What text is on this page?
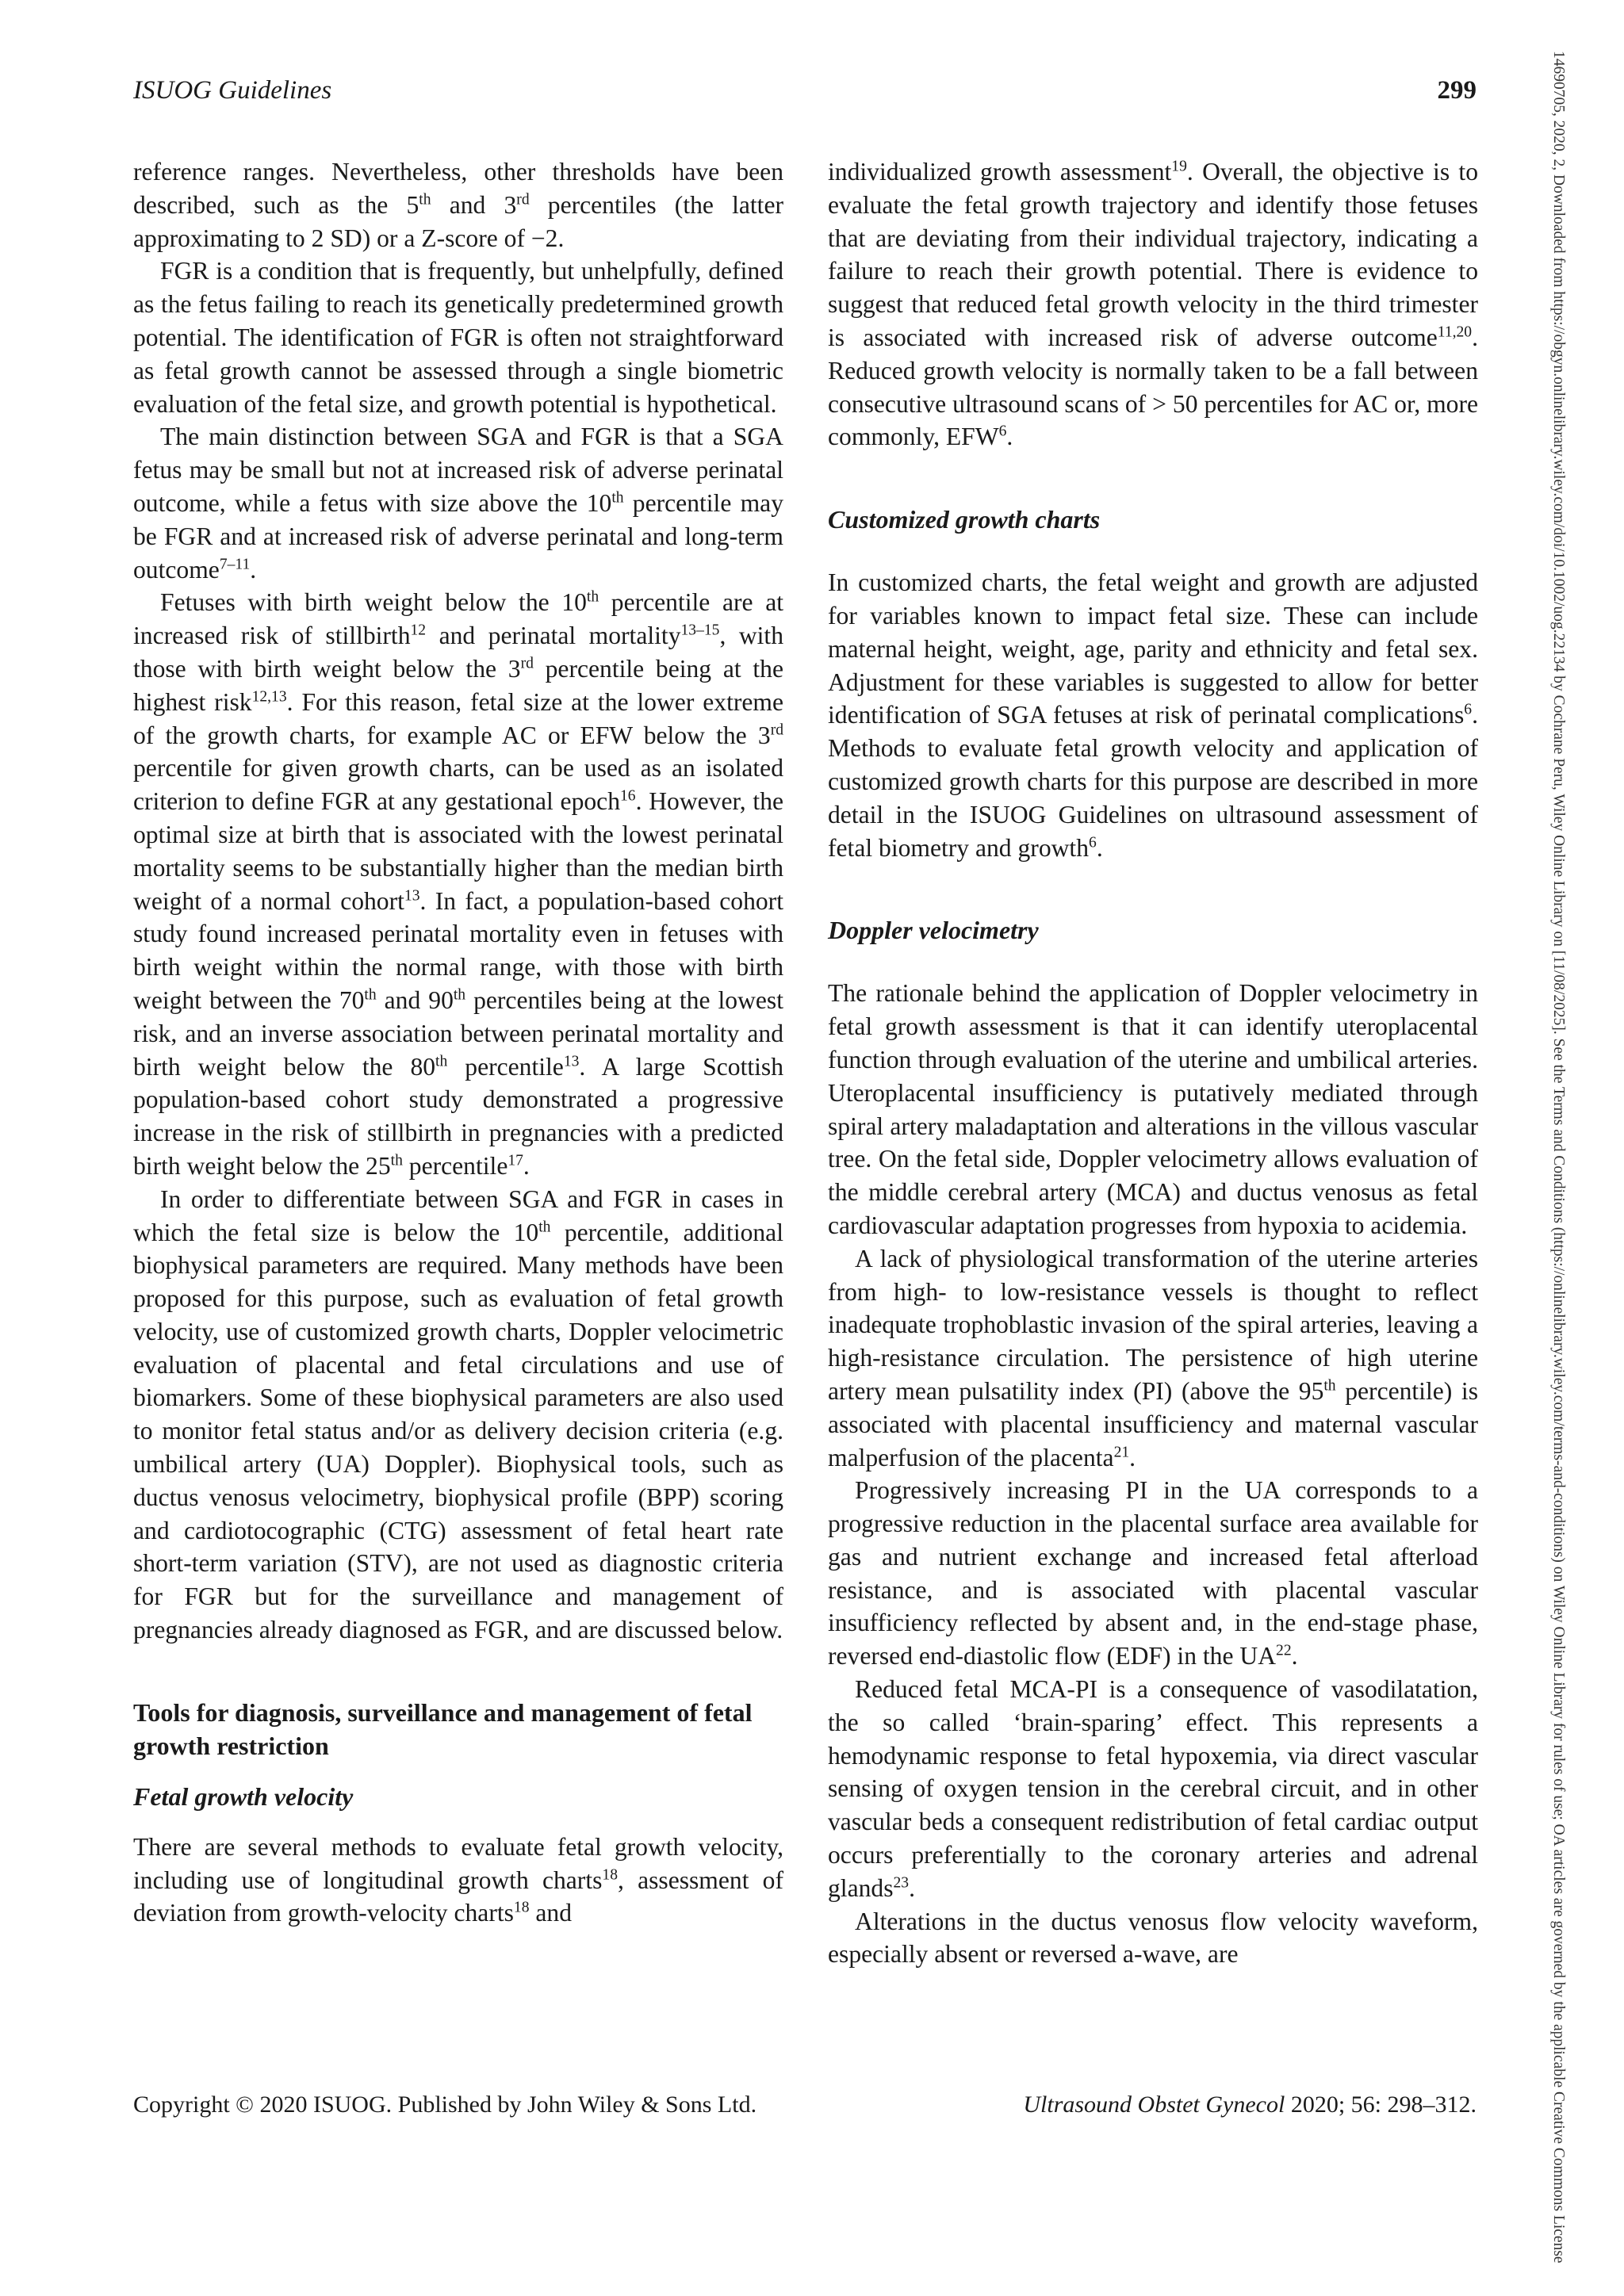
ISUOG Guidelines	299

reference ranges. Nevertheless, other thresholds have been described, such as the 5th and 3rd percentiles (the latter approximating to 2 SD) or a Z-score of −2.

FGR is a condition that is frequently, but unhelpfully, defined as the fetus failing to reach its genetically predetermined growth potential. The identification of FGR is often not straightforward as fetal growth cannot be assessed through a single biometric evaluation of the fetal size, and growth potential is hypothetical.

The main distinction between SGA and FGR is that a SGA fetus may be small but not at increased risk of adverse perinatal outcome, while a fetus with size above the 10th percentile may be FGR and at increased risk of adverse perinatal and long-term outcome$^{7-11}$.

Fetuses with birth weight below the 10th percentile are at increased risk of stillbirth$^{12}$ and perinatal mortality$^{13-15}$, with those with birth weight below the 3rd percentile being at the highest risk$^{12,13}$. For this reason, fetal size at the lower extreme of the growth charts, for example AC or EFW below the 3rd percentile for given growth charts, can be used as an isolated criterion to define FGR at any gestational epoch$^{16}$. However, the optimal size at birth that is associated with the lowest perinatal mortality seems to be substantially higher than the median birth weight of a normal cohort$^{13}$. In fact, a population-based cohort study found increased perinatal mortality even in fetuses with birth weight within the normal range, with those with birth weight between the 70th and 90th percentiles being at the lowest risk, and an inverse association between perinatal mortality and birth weight below the 80th percentile$^{13}$. A large Scottish population-based cohort study demonstrated a progressive increase in the risk of stillbirth in pregnancies with a predicted birth weight below the 25th percentile$^{17}$.

In order to differentiate between SGA and FGR in cases in which the fetal size is below the 10th percentile, additional biophysical parameters are required. Many methods have been proposed for this purpose, such as evaluation of fetal growth velocity, use of customized growth charts, Doppler velocimetric evaluation of placental and fetal circulations and use of biomarkers. Some of these biophysical parameters are also used to monitor fetal status and/or as delivery decision criteria (e.g. umbilical artery (UA) Doppler). Biophysical tools, such as ductus venosus velocimetry, biophysical profile (BPP) scoring and cardiotocographic (CTG) assessment of fetal heart rate short-term variation (STV), are not used as diagnostic criteria for FGR but for the surveillance and management of pregnancies already diagnosed as FGR, and are discussed below.

Tools for diagnosis, surveillance and management of fetal growth restriction
Fetal growth velocity

There are several methods to evaluate fetal growth velocity, including use of longitudinal growth charts$^{18}$, assessment of deviation from growth-velocity charts$^{18}$ and

individualized growth assessment$^{19}$. Overall, the objective is to evaluate the fetal growth trajectory and identify those fetuses that are deviating from their individual trajectory, indicating a failure to reach their growth potential. There is evidence to suggest that reduced fetal growth velocity in the third trimester is associated with increased risk of adverse outcome$^{11,20}$. Reduced growth velocity is normally taken to be a fall between consecutive ultrasound scans of > 50 percentiles for AC or, more commonly, EFW$^6$.

Customized growth charts

In customized charts, the fetal weight and growth are adjusted for variables known to impact fetal size. These can include maternal height, weight, age, parity and ethnicity and fetal sex. Adjustment for these variables is suggested to allow for better identification of SGA fetuses at risk of perinatal complications$^6$. Methods to evaluate fetal growth velocity and application of customized growth charts for this purpose are described in more detail in the ISUOG Guidelines on ultrasound assessment of fetal biometry and growth$^6$.

Doppler velocimetry

The rationale behind the application of Doppler velocimetry in fetal growth assessment is that it can identify uteroplacental function through evaluation of the uterine and umbilical arteries. Uteroplacental insufficiency is putatively mediated through spiral artery maladaptation and alterations in the villous vascular tree. On the fetal side, Doppler velocimetry allows evaluation of the middle cerebral artery (MCA) and ductus venosus as fetal cardiovascular adaptation progresses from hypoxia to acidemia.

A lack of physiological transformation of the uterine arteries from high- to low-resistance vessels is thought to reflect inadequate trophoblastic invasion of the spiral arteries, leaving a high-resistance circulation. The persistence of high uterine artery mean pulsatility index (PI) (above the 95th percentile) is associated with placental insufficiency and maternal vascular malperfusion of the placenta$^{21}$.

Progressively increasing PI in the UA corresponds to a progressive reduction in the placental surface area available for gas and nutrient exchange and increased fetal afterload resistance, and is associated with placental vascular insufficiency reflected by absent and, in the end-stage phase, reversed end-diastolic flow (EDF) in the UA$^{22}$.

Reduced fetal MCA-PI is a consequence of vasodilatation, the so called ‘brain-sparing’ effect. This represents a hemodynamic response to fetal hypoxemia, via direct vascular sensing of oxygen tension in the cerebral circuit, and in other vascular beds a consequent redistribution of fetal cardiac output occurs preferentially to the coronary arteries and adrenal glands$^{23}$.

Alterations in the ductus venosus flow velocity waveform, especially absent or reversed a-wave, are

Copyright © 2020 ISUOG. Published by John Wiley & Sons Ltd.	Ultrasound Obstet Gynecol 2020; 56: 298–312.	14690705, 2020, 2, Downloaded from https://obgyn.onlinelibrary.wiley.com/doi/10.1002/uog.22134 by Cochrane Peru, Wiley Online Library on [11/08/2025]. See the Terms and Conditions (https://onlinelibrary.wiley.com/terms-and-conditions) on Wiley Online Library for rules of use; OA articles are governed by the applicable Creative Commons License
